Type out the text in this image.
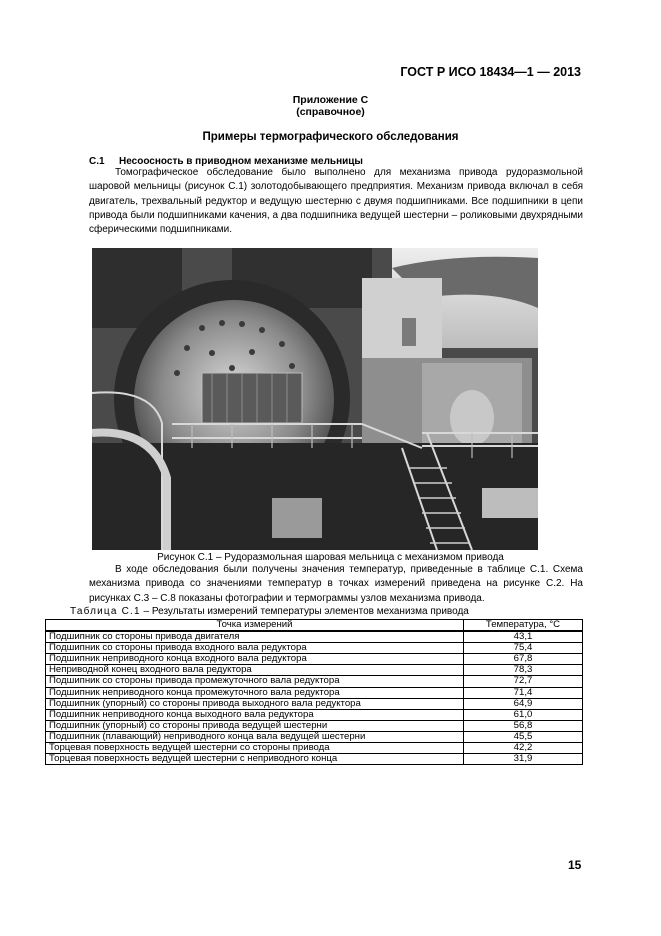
ГОСТ Р ИСО 18434—1 — 2013
Приложение С
(справочное)
Примеры термографического обследования
С.1 Несоосность в приводном механизме мельницы
Томографическое обследование было выполнено для механизма привода рудоразмольной шаровой мельницы (рисунок С.1) золотодобывающего предприятия. Механизм привода включал в себя двигатель, трехвальный редуктор и ведущую шестерню с двумя подшипниками. Все подшипники в цепи привода были подшипниками качения, а два подшипника ведущей шестерни – роликовыми двухрядными сферическими подшипниками.
Рисунок С.1 – Рудоразмольная шаровая мельница с механизмом привода
В ходе обследования были получены значения температур, приведенные в таблице С.1. Схема механизма привода со значениями температур в точках измерений приведена на рисунке С.2. На рисунках С.3 – С.8 показаны фотографии и термограммы узлов механизма привода.
Таблица С.1 – Результаты измерений температуры элементов механизма привода
Точка измерений	Температура, °С
Подшипник со стороны привода двигателя	43,1
Подшипник со стороны привода входного вала редуктора	75,4
Подшипник неприводного конца входного вала редуктора	67,8
Неприводной конец входного вала редуктора	78,3
Подшипник со стороны привода промежуточного вала редуктора	72,7
Подшипник неприводного конца промежуточного вала редуктора	71,4
Подшипник (упорный) со стороны привода выходного вала редуктора	64,9
Подшипник неприводного конца выходного вала редуктора	61,0
Подшипник (упорный) со стороны привода ведущей шестерни	56,8
Подшипник (плавающий) неприводного конца вала ведущей шестерни	45,5
Торцевая поверхность ведущей шестерни со стороны привода	42,2
Торцевая поверхность ведущей шестерни с неприводного конца	31,9
15
